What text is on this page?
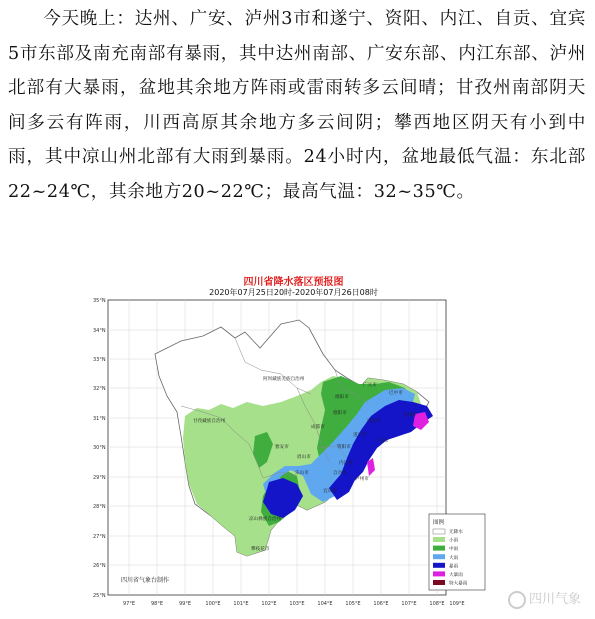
今天晚上：达州、广安、泸州3市和遂宁、资阳、内江、自贡、宜宾5市东部及南充南部有暴雨，其中达州南部、广安东部、内江东部、泸州北部有大暴雨，盆地其余地方阵雨或雷雨转多云间晴；甘孜州南部阴天间多云有阵雨，川西高原其余地方多云间阴；攀西地区阴天有小到中雨，其中凉山州北部有大雨到暴雨。24小时内，盆地最低气温：东北部22~24℃，其余地方20~22℃；最高气温：32~35℃。
四川省降水落区预报图
2020年07月25日20时-2020年07月26日08时
35°N
34°N
33°N
32°N
31°N
30°N
29°N
28°N
27°N
26°N
25°N
97°E	98°E	99°E	100°E	101°E	102°E	103°E	104°E	105°E	106°E	107°E	108°E 109°E
阿坝藏族羌族自治州
甘孜藏族自治州
广元市
巴中市
绵阳市
德阳市
成都市
南充市
达州市
广安市
遂宁市
资阳市
雅安市
眉山市
乐山市
内江市
自贡市
宜宾市
泸州市
凉山彝族自治州
攀枝花市
四川省气象台制作
图例
无降水
小雨
中雨
大雨
暴雨
大暴雨
特大暴雨
四川气象
